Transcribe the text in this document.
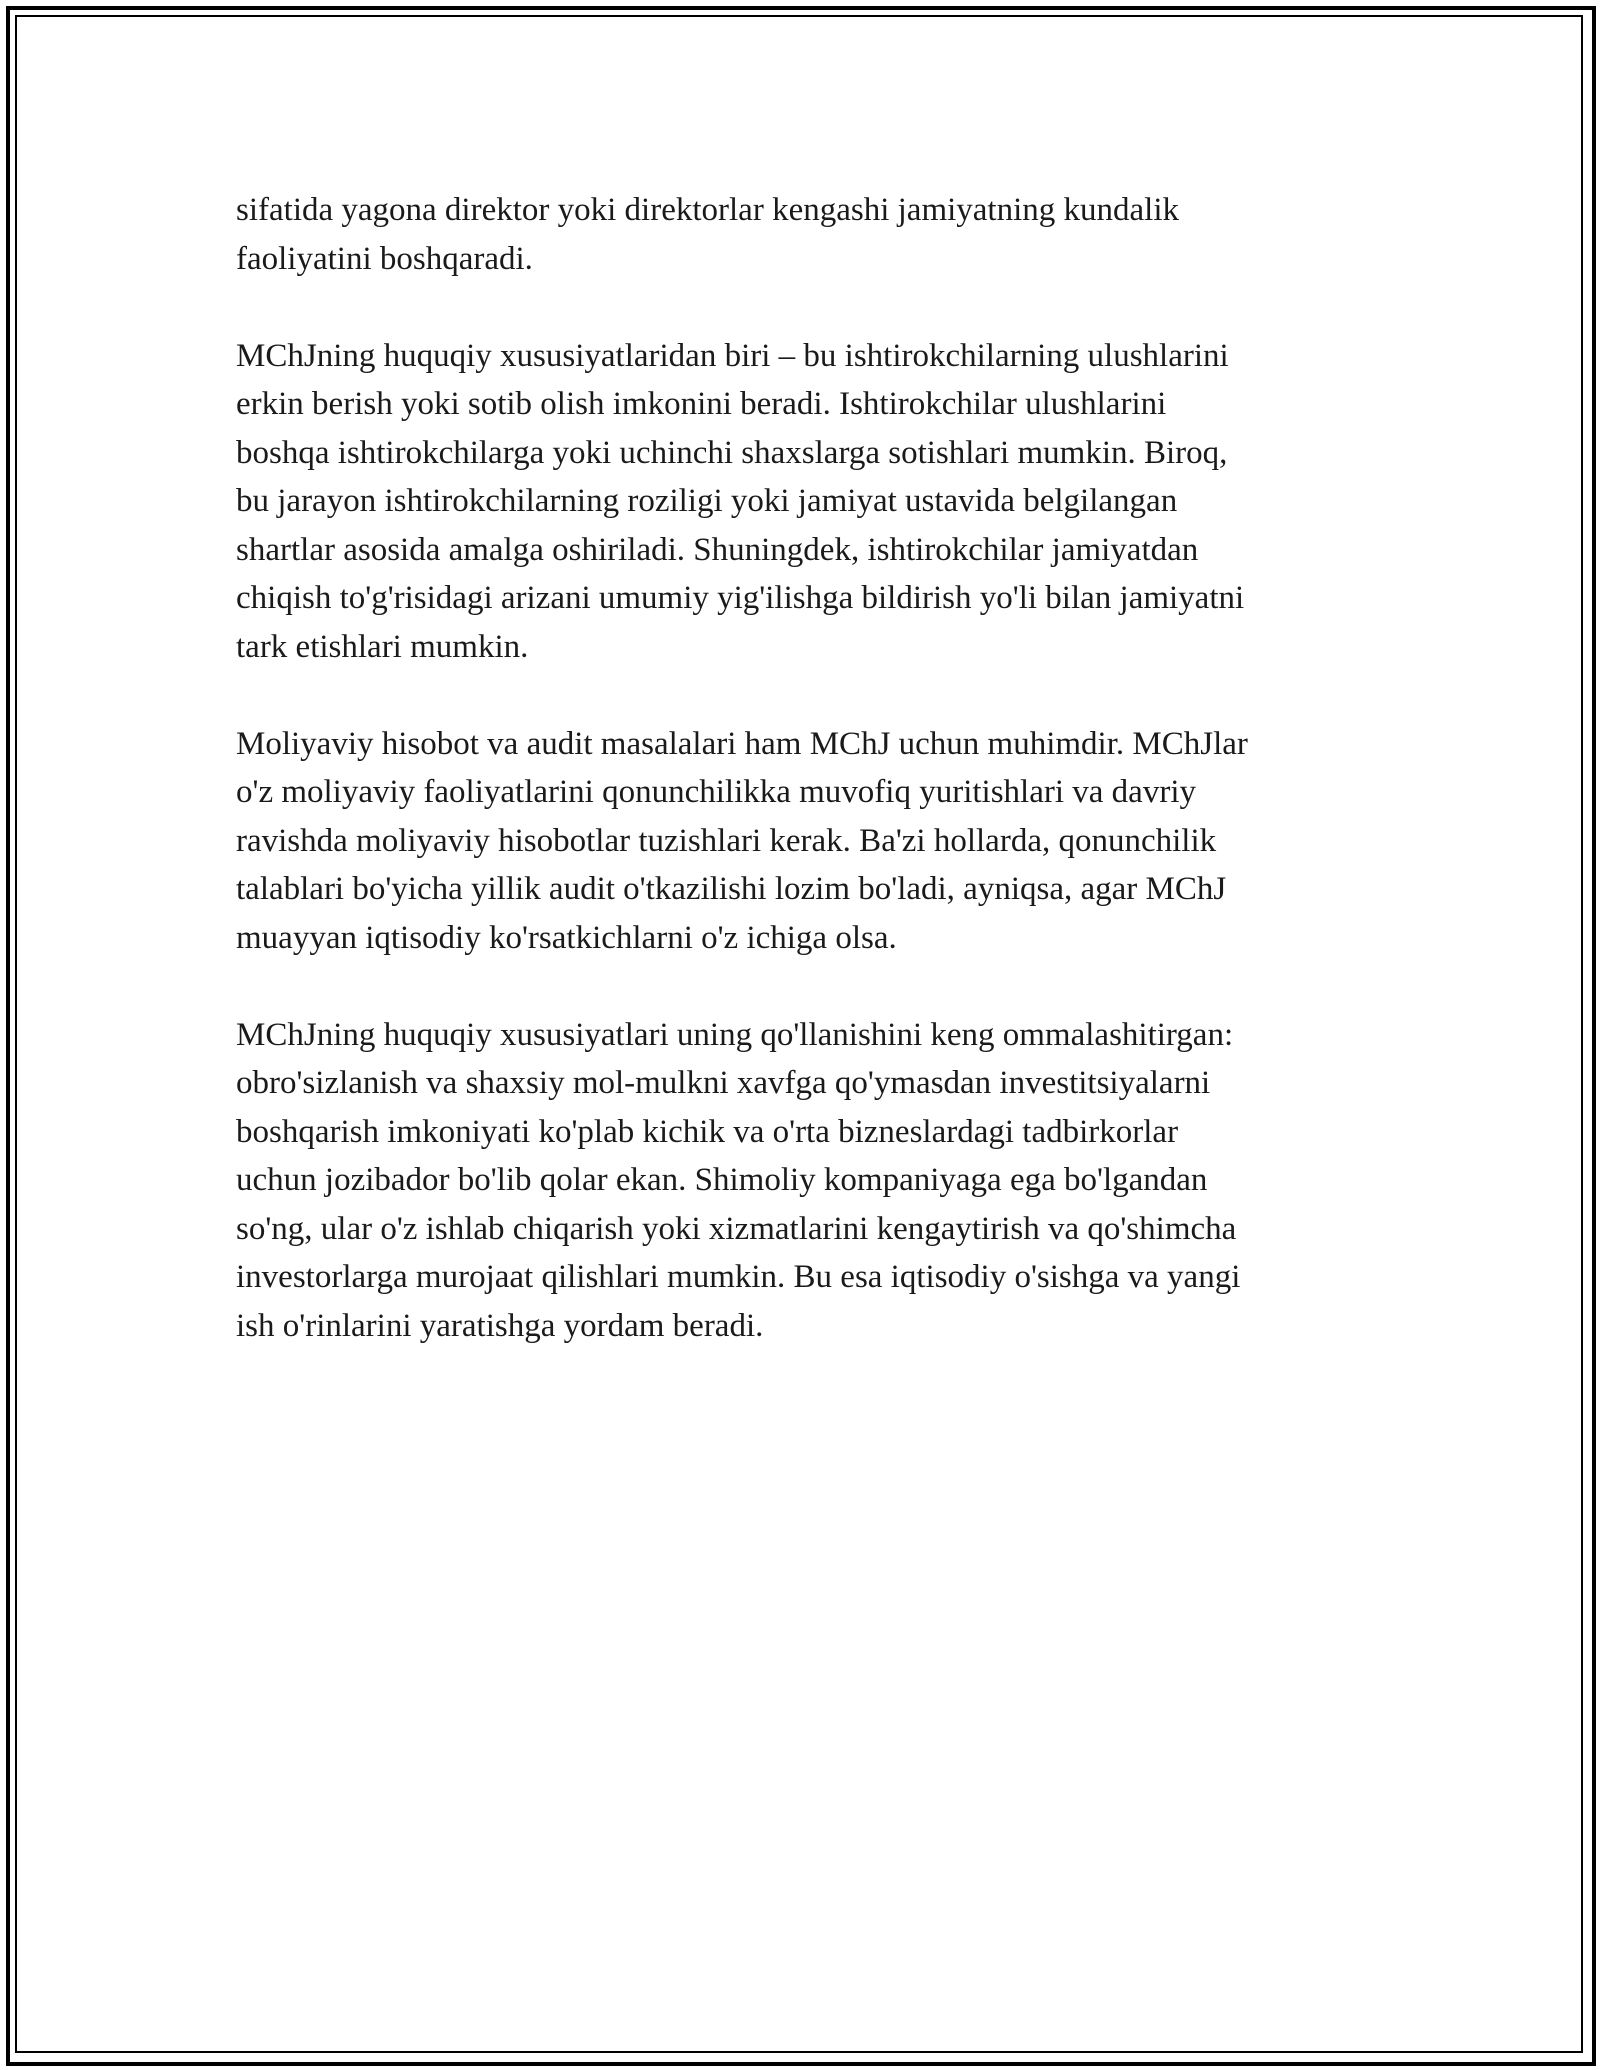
sifatida yagona direktor yoki direktorlar kengashi jamiyatning kundalik
faoliyatini boshqaradi.
MChJning huquqiy xususiyatlaridan biri – bu ishtirokchilarning ulushlarini
erkin berish yoki sotib olish imkonini beradi. Ishtirokchilar ulushlarini
boshqa ishtirokchilarga yoki uchinchi shaxslarga sotishlari mumkin. Biroq,
bu jarayon ishtirokchilarning roziligi yoki jamiyat ustavida belgilangan
shartlar asosida amalga oshiriladi. Shuningdek, ishtirokchilar jamiyatdan
chiqish to'g'risidagi arizani umumiy yig'ilishga bildirish yo'li bilan jamiyatni
tark etishlari mumkin.
Moliyaviy hisobot va audit masalalari ham MChJ uchun muhimdir. MChJlar
o'z moliyaviy faoliyatlarini qonunchilikka muvofiq yuritishlari va davriy
ravishda moliyaviy hisobotlar tuzishlari kerak. Ba'zi hollarda, qonunchilik
talablari bo'yicha yillik audit o'tkazilishi lozim bo'ladi, ayniqsa, agar MChJ
muayyan iqtisodiy ko'rsatkichlarni o'z ichiga olsa.
MChJning huquqiy xususiyatlari uning qo'llanishini keng ommalashitirgan:
obro'sizlanish va shaxsiy mol-mulkni xavfga qo'ymasdan investitsiyalarni
boshqarish imkoniyati ko'plab kichik va o'rta bizneslardagi tadbirkorlar
uchun jozibador bo'lib qolar ekan. Shimoliy kompaniyaga ega bo'lgandan
so'ng, ular o'z ishlab chiqarish yoki xizmatlarini kengaytirish va qo'shimcha
investorlarga murojaat qilishlari mumkin. Bu esa iqtisodiy o'sishga va yangi
ish o'rinlarini yaratishga yordam beradi.
